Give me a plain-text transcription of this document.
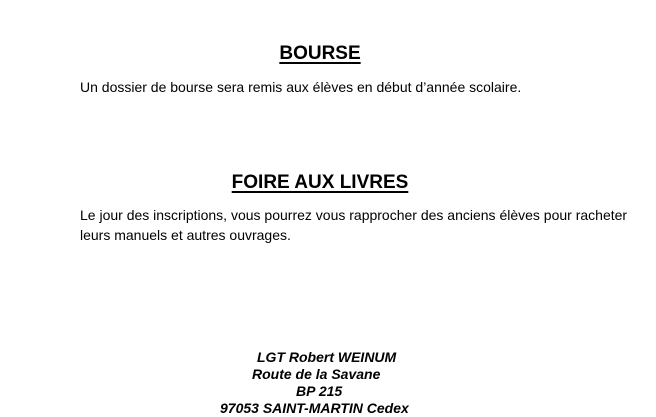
BOURSE

Un dossier de bourse sera remis aux élèves en début d’année scolaire.

FOIRE AUX LIVRES

Le jour des inscriptions, vous pourrez vous rapprocher des anciens élèves pour racheter leurs manuels et autres ouvrages.

LGT Robert WEINUM
Route de la Savane
BP 215
97053 SAINT-MARTIN Cedex
